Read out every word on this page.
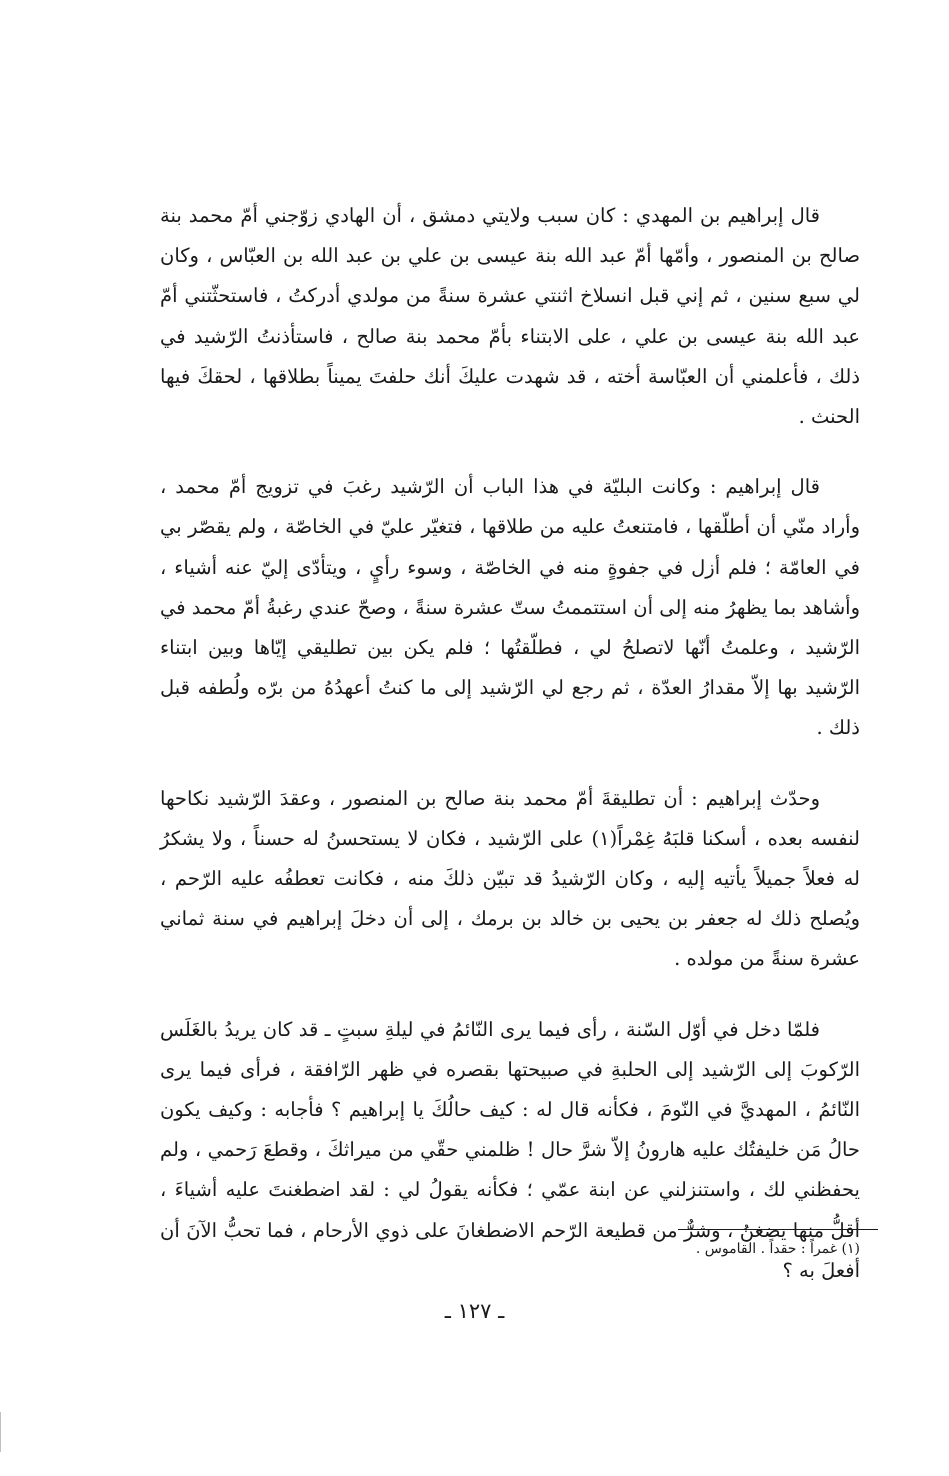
قال إبراهيم بن المهدي : كان سبب ولايتي دمشق ، أن الهادي زوّجني أمّ محمد بنة صالح بن المنصور ، وأمّها أمّ عبد الله بنة عيسى بن علي بن عبد الله بن العبّاس ، وكان لي سبع سنين ، ثم إني قبل انسلاخ اثنتي عشرة سنةً من مولدي أدركتُ ، فاستحثّتني أمّ عبد الله بنة عيسى بن علي ، على الابتناء بأمّ محمد بنة صالح ، فاستأذنتُ الرّشيد في ذلك ، فأعلمني أن العبّاسة أخته ، قد شهدت عليكَ أنك حلفتَ يميناً بطلاقها ، لحقكَ فيها الحنث .

قال إبراهيم : وكانت البليّة في هذا الباب أن الرّشيد رغبَ في تزويج أمّ محمد ، وأراد منّي أن أطلّقها ، فامتنعتُ عليه من طلاقها ، فتغيّر عليّ في الخاصّة ، ولم يقصّر بي في العامّة ؛ فلم أزل في جفوةٍ منه في الخاصّة ، وسوء رأيٍ ، ويتأدّى إليّ عنه أشياء ، وأشاهد بما يظهرُ منه إلى أن استتممتُ ستّ عشرة سنةً ، وصحّ عندي رغبةُ أمّ محمد في الرّشيد ، وعلمتُ أنّها لاتصلحُ لي ، فطلّقتُها ؛ فلم يكن بين تطليقي إيّاها وبين ابتناء الرّشيد بها إلاّ مقدارُ العدّة ، ثم رجع لي الرّشيد إلى ما كنتُ أعهدُهُ من برّه ولُطفه قبل ذلك .

وحدّث إبراهيم : أن تطليقةَ أمّ محمد بنة صالح بن المنصور ، وعقدَ الرّشيد نكاحها لنفسه بعده ، أسكنا قلبَهُ غِمْراً(١) على الرّشيد ، فكان لا يستحسنُ له حسناً ، ولا يشكرُ له فعلاً جميلاً يأتيه إليه ، وكان الرّشيدُ قد تبيّن ذلكَ منه ، فكانت تعطفُه عليه الرّحم ، ويُصلح ذلك له جعفر بن يحيى بن خالد بن برمك ، إلى أن دخلَ إبراهيم في سنة ثماني عشرة سنةً من مولده .

فلمّا دخل في أوّل السّنة ، رأى فيما يرى النّائمُ في ليلةِ سبتٍ ـ قد كان يريدُ بالغَلَس الرّكوبَ إلى الرّشيد إلى الحلبةِ في صبيحتها بقصره في ظهر الرّافقة ، فرأى فيما يرى النّائمُ ، المهديَّ في النّومَ ، فكأنه قال له : كيف حالُكَ يا إبراهيم ؟ فأجابه : وكيف يكون حالُ مَن خليفتُك عليه هارونُ إلاّ شرَّ حال ! ظلمني حقّي من ميراثكَ ، وقطعَ رَحمي ، ولم يحفظني لك ، واستنزلني عن ابنة عمّي ؛ فكأنه يقولُ لي : لقد اضطغنتَ عليه أشياءَ ، أقلُّ منها يضغنُ ، وشرٌّ من قطيعة الرّحم الاضطغانَ على ذوي الأرحام ، فما تحبُّ الآنَ أن أفعلَ به ؟

(١) غمراً : حقداً . القاموس .
ـ ١٢٧ ـ
